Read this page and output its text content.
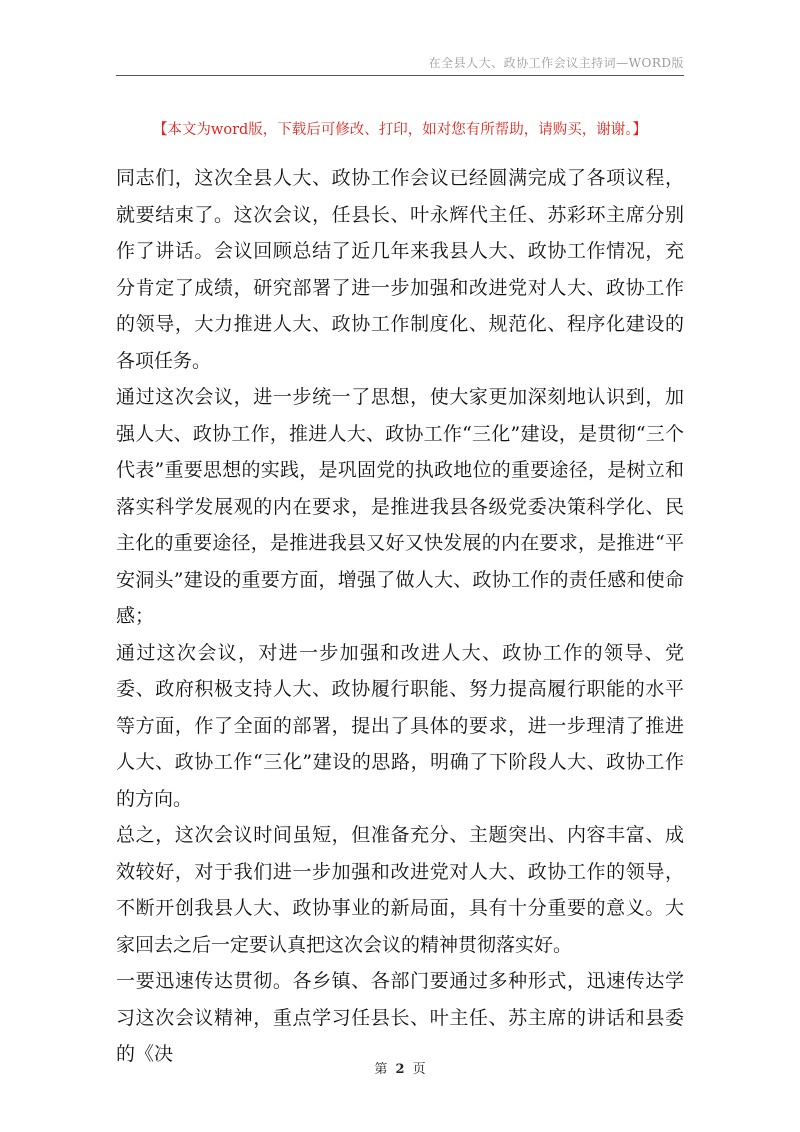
在全县人大、政协工作会议主持词—WORD版
【本文为word版，下载后可修改、打印，如对您有所帮助，请购买，谢谢。】

同志们，这次全县人大、政协工作会议已经圆满完成了各项议程，就要结束了。这次会议，任县长、叶永辉代主任、苏彩环主席分别作了讲话。会议回顾总结了近几年来我县人大、政协工作情况，充分肯定了成绩，研究部署了进一步加强和改进党对人大、政协工作的领导，大力推进人大、政协工作制度化、规范化、程序化建设的各项任务。

通过这次会议，进一步统一了思想，使大家更加深刻地认识到，加强人大、政协工作，推进人大、政协工作“三化”建设，是贯彻“三个代表”重要思想的实践，是巩固党的执政地位的重要途径，是树立和落实科学发展观的内在要求，是推进我县各级党委决策科学化、民主化的重要途径，是推进我县又好又快发展的内在要求，是推进“平安洞头”建设的重要方面，增强了做人大、政协工作的责任感和使命感；

通过这次会议，对进一步加强和改进人大、政协工作的领导、党委、政府积极支持人大、政协履行职能、努力提高履行职能的水平等方面，作了全面的部署，提出了具体的要求，进一步理清了推进人大、政协工作“三化”建设的思路，明确了下阶段人大、政协工作的方向。

总之，这次会议时间虽短，但准备充分、主题突出、内容丰富、成效较好，对于我们进一步加强和改进党对人大、政协工作的领导，不断开创我县人大、政协事业的新局面，具有十分重要的意义。大家回去之后一定要认真把这次会议的精神贯彻落实好。

一要迅速传达贯彻。各乡镇、各部门要通过多种形式，迅速传达学习这次会议精神，重点学习任县长、叶主任、苏主席的讲话和县委的《决

第 2 页
